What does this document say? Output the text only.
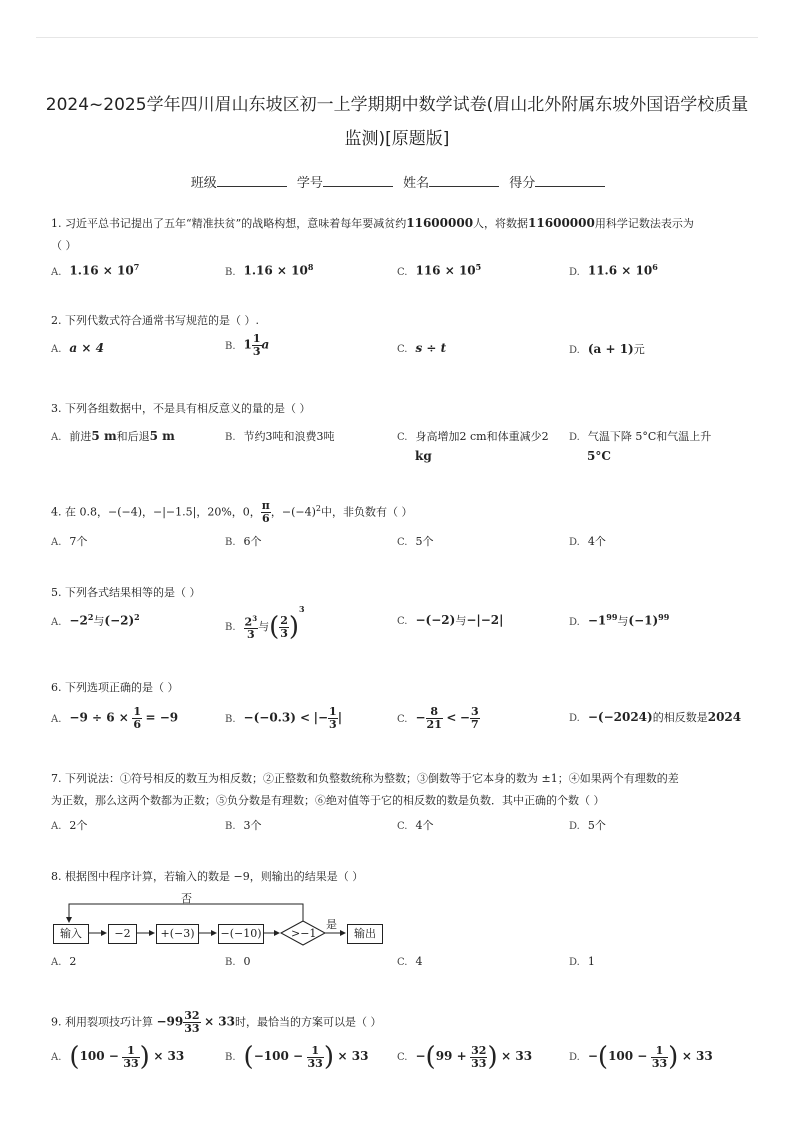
2024~2025学年四川眉山东坡区初一上学期期中数学试卷(眉山北外附属东坡外国语学校质量
监测)[原题版]
班级	学号	姓名	得分
1. 习近平总书记提出了五年“精准扶贫”的战略构想，意味着每年要减贫约11600000人，将数据11600000用科学记数法表示为
（ ）
A. $1.16 \times 10^7$	B. $1.16 \times 10^8$	C. $116 \times 10^5$	D. $11.6 \times 10^6$
2. 下列代数式符合通常书写规范的是（ ）.
A. a × 4	B. $1 \frac{1}{3}$ a	C. s ÷ t	D. (a + 1)元
3. 下列各组数据中，不是具有相反意义的量的是（ ）
A. 前进5 m和后退5 m	B. 节约3吨和浪费3吨	C. 身高增加2 cm和体重减少2
kg
D. 气温下降 5°C和气温上升
5°C
4. 在 0.8，−(−4)，−|−1.5|，20%，0， $\frac{\pi}{6}$ ，$-(-4)^2$中，非负数有（ ）
A. 7个	B. 6个	C. 5个	D. 4个
5. 下列各式结果相等的是（ ）
A. $-2^2$与$(-2)^2$
B. $\frac{2^3}{3}$ 与( $\frac{2}{3} )^3$
C. −(−2)与−|−2|	D. $-1^{99}$与$(-1)^{99}$
6. 下列选项正确的是（ ）
A. $-9 \div 6 \times \frac{1}{6} = -9$	B. −(−0.3) < |− $\frac{1}{3}$ |	C. − $\frac{8}{21}$ < − $\frac{3}{7}$	D. −(−2024)的相反数是2024
7. 下列说法：①符号相反的数互为相反数；②正整数和负整数统称为整数；③倒数等于它本身的数为 ±1；④如果两个有理数的差
为正数，那么这两个数都为正数；⑤负分数是有理数；⑥绝对值等于它的相反数的数是负数．其中正确的个数（ ）
A. 2个	B. 3个	C. 4个	D. 5个
8. 根据图中程序计算，若输入的数是 −9，则输出的结果是（ ）
输入	−2	+(−3)	−(−10)	>−1
是
否
输出
A. 2	B. 0	C. 4	D. 1
9. 利用裂项技巧计算 $-99 \frac{32}{33} \times 33$时，最恰当的方案可以是（ ）
A. ($100 - \frac{1}{33}$ ) × 33	B. ($-100 - \frac{1}{33}$ ) × 33	C. $-(99 + \frac{32}{33}$ ) × 33	D. $-(100 - \frac{1}{33}$ ) × 33
